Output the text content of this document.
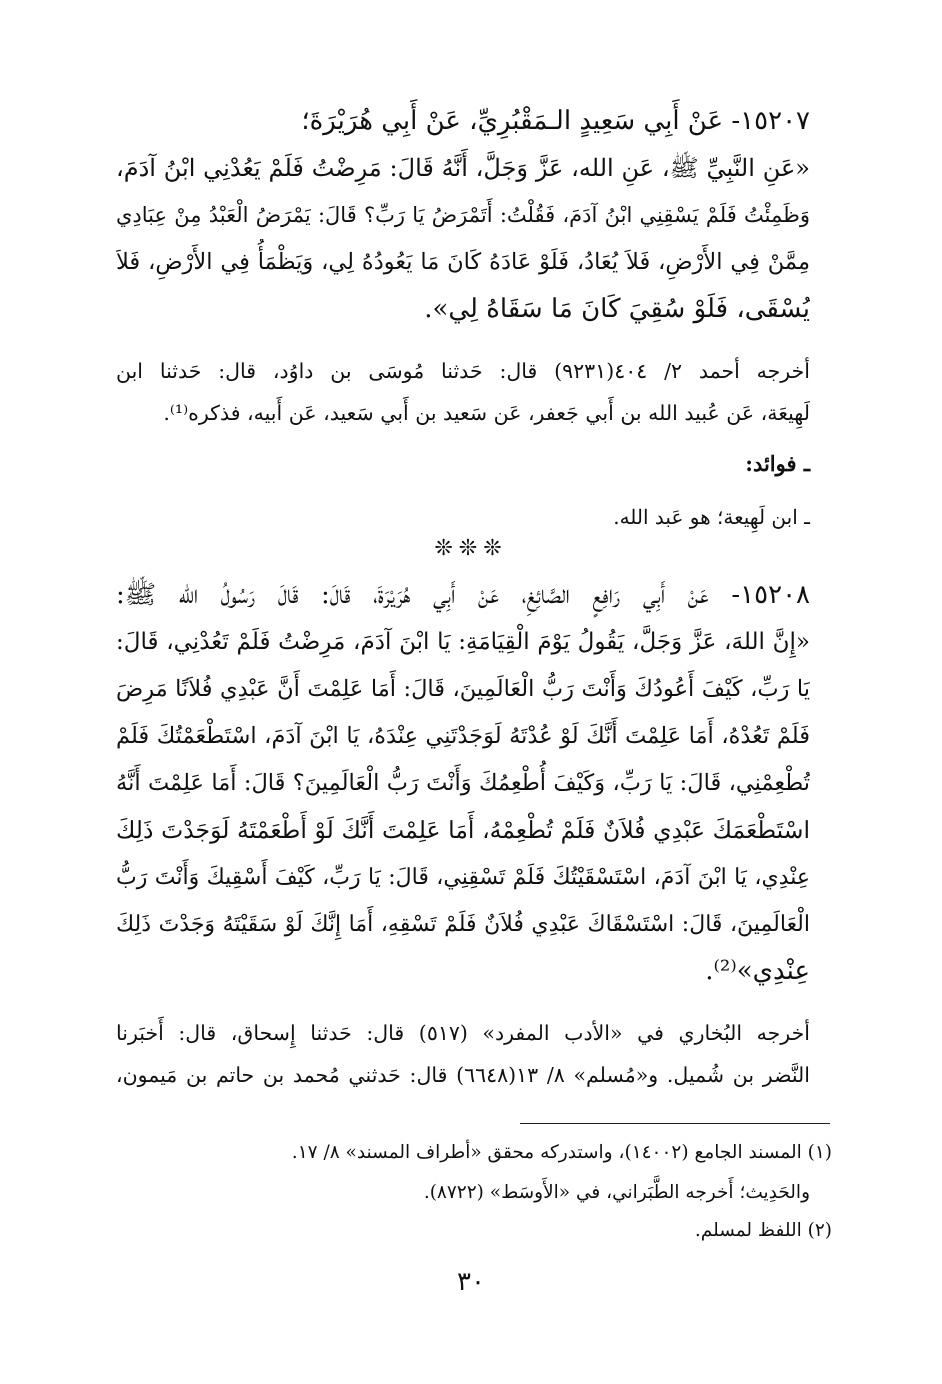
١٥٢٠٧- عَنْ أَبِي سَعِيدٍ الـمَقْبُرِيِّ، عَنْ أَبِي هُرَيْرَةَ؛
«عَنِ النَّبِيِّ ﷺ، عَنِ الله، عَزَّ وَجَلَّ، أَنَّهُ قَالَ: مَرِضْتُ فَلَمْ يَعُدْنِي ابْنُ آدَمَ،
وَظَمِئْتُ فَلَمْ يَسْقِنِي ابْنُ آدَمَ، فَقُلْتُ: أَتَمْرَضُ يَا رَبِّ؟ قَالَ: يَمْرَضُ الْعَبْدُ مِنْ عِبَادِي
مِمَّنْ فِي الأَرْضِ، فَلاَ يُعَادُ، فَلَوْ عَادَهُ كَانَ مَا يَعُودُهُ لِي، وَيَظْمَأُ فِي الأَرْضِ، فَلاَ
يُسْقَى، فَلَوْ سُقِيَ كَانَ مَا سَقَاهُ لِي».
أخرجه أحمد ٢/ ٤٠٤(٩٢٣١) قال: حَدثنا مُوسَى بن داوُد، قال: حَدثنا ابن
لَهِيعَة، عَن عُبيد الله بن أَبي جَعفر، عَن سَعيد بن أَبي سَعيد، عَن أَبيه، فذكره⁽¹⁾.
ـ فوائد:
ـ ابن لَهِيعة؛ هو عَبد الله.
❊❊❊
١٥٢٠٨- عَنْ أَبِي رَافِعٍ الصَّائِغِ، عَنْ أَبِي هُرَيْرَةَ، قَالَ: قَالَ رَسُولُ الله ﷺ:
«إِنَّ اللهَ، عَزَّ وَجَلَّ، يَقُولُ يَوْمَ الْقِيَامَةِ: يَا ابْنَ آدَمَ، مَرِضْتُ فَلَمْ تَعُدْنِي، قَالَ:
يَا رَبِّ، كَيْفَ أَعُودُكَ وَأَنْتَ رَبُّ الْعَالَمِينَ، قَالَ: أَمَا عَلِمْتَ أَنَّ عَبْدِي فُلاَنًا مَرِضَ
فَلَمْ تَعُدْهُ، أَمَا عَلِمْتَ أَنَّكَ لَوْ عُدْتَهُ لَوَجَدْتَنِي عِنْدَهُ، يَا ابْنَ آدَمَ، اسْتَطْعَمْتُكَ فَلَمْ
تُطْعِمْنِي، قَالَ: يَا رَبِّ، وَكَيْفَ أُطْعِمُكَ وَأَنْتَ رَبُّ الْعَالَمِينَ؟ قَالَ: أَمَا عَلِمْتَ أَنَّهُ
اسْتَطْعَمَكَ عَبْدِي فُلاَنٌ فَلَمْ تُطْعِمْهُ، أَمَا عَلِمْتَ أَنَّكَ لَوْ أَطْعَمْتَهُ لَوَجَدْتَ ذَلِكَ
عِنْدِي، يَا ابْنَ آدَمَ، اسْتَسْقَيْتُكَ فَلَمْ تَسْقِنِي، قَالَ: يَا رَبِّ، كَيْفَ أَسْقِيكَ وَأَنْتَ رَبُّ
الْعَالَمِينَ، قَالَ: اسْتَسْقَاكَ عَبْدِي فُلاَنٌ فَلَمْ تَسْقِهِ، أَمَا إِنَّكَ لَوْ سَقَيْتَهُ وَجَدْتَ ذَلِكَ
عِنْدِي»⁽²⁾.
أخرجه البُخاري في «الأدب المفرد» (٥١٧) قال: حَدثنا إِسحاق، قال: أَخبَرنا
النَّضر بن شُميل. و«مُسلم» ٨/ ١٣(٦٦٤٨) قال: حَدثني مُحمد بن حاتم بن مَيمون،
(١) المسند الجامع (١٤٠٠٢)، واستدركه محقق «أطراف المسند» ٨/ ١٧.
والحَدِيث؛ أَخرجه الطَّبَراني، في «الأَوسَط» (٨٧٢٢).
(٢) اللفظ لمسلم.
٣٠
